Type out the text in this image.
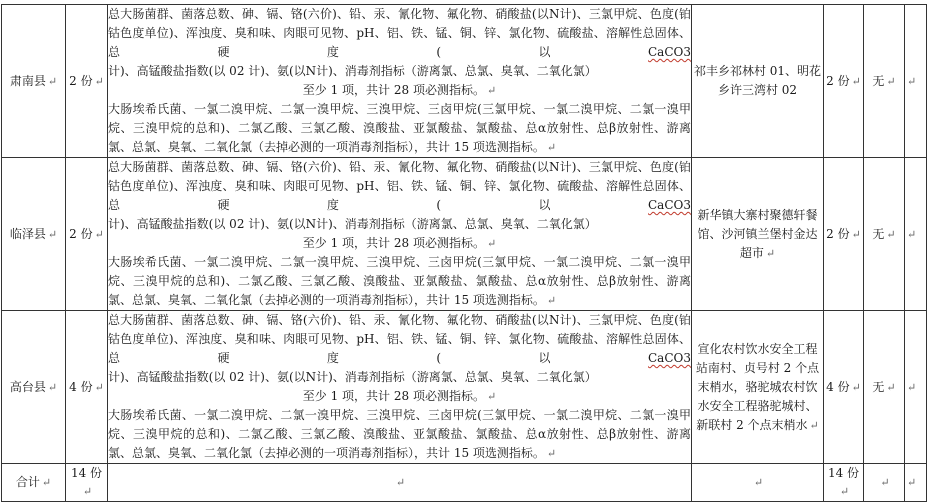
肃南县 ↵	2 份 ↵	总大肠菌群、菌落总数、砷、镉、铬(六价)、铅、汞、氰化物、氟化物、硝酸盐(以N计)、三氯甲烷、色度(铂钴色度单位)、浑浊度、臭和味、肉眼可见物、pH、铝、铁、锰、铜、锌、氯化物、硫酸盐、溶解性总固体、总硬度(以CaCO3计)、高锰酸盐指数(以 02 计)、氨(以N计)、消毒剂指标（游离氯、总氯、臭氧、二氧化氯）

至少 1 项，共计 28 项必测指标。 ↵

大肠埃希氏菌、一氯二溴甲烷、二氯一溴甲烷、三溴甲烷、三卤甲烷(三氯甲烷、一氯二溴甲烷、二氯一溴甲烷、三溴甲烷的总和)、二氯乙酸、三氯乙酸、溴酸盐、亚氯酸盐、氯酸盐、总α放射性、总β放射性、游离氯、总氯、臭氧、二氧化氯（去掉必测的一项消毒剂指标），共计 15 项选测指标。 ↵	祁丰乡祁林村 01、明花乡许三湾村 02	2 份 ↵	无 ↵	↵
临泽县 ↵	2 份 ↵	总大肠菌群、菌落总数、砷、镉、铬(六价)、铅、汞、氰化物、氟化物、硝酸盐(以N计)、三氯甲烷、色度(铂钴色度单位)、浑浊度、臭和味、肉眼可见物、pH、铝、铁、锰、铜、锌、氯化物、硫酸盐、溶解性总固体、总硬度(以CaCO3计)、高锰酸盐指数(以 02 计)、氨(以N计)、消毒剂指标（游离氯、总氯、臭氧、二氧化氯）

至少 1 项，共计 28 项必测指标。 ↵

大肠埃希氏菌、一氯二溴甲烷、二氯一溴甲烷、三溴甲烷、三卤甲烷(三氯甲烷、一氯二溴甲烷、二氯一溴甲烷、三溴甲烷的总和)、二氯乙酸、三氯乙酸、溴酸盐、亚氯酸盐、氯酸盐、总α放射性、总β放射性、游离氯、总氯、臭氧、二氧化氯（去掉必测的一项消毒剂指标），共计 15 项选测指标。 ↵	新华镇大寨村聚德轩餐馆、沙河镇兰堡村金达超市 ↵	2 份 ↵	无 ↵	↵
高台县 ↵	4 份 ↵	总大肠菌群、菌落总数、砷、镉、铬(六价)、铅、汞、氰化物、氟化物、硝酸盐(以N计)、三氯甲烷、色度(铂钴色度单位)、浑浊度、臭和味、肉眼可见物、pH、铝、铁、锰、铜、锌、氯化物、硫酸盐、溶解性总固体、总硬度(以CaCO3计)、高锰酸盐指数(以 02 计)、氨(以N计)、消毒剂指标（游离氯、总氯、臭氧、二氧化氯）

至少 1 项，共计 28 项必测指标。 ↵

大肠埃希氏菌、一氯二溴甲烷、二氯一溴甲烷、三溴甲烷、三卤甲烷(三氯甲烷、一氯二溴甲烷、二氯一溴甲烷、三溴甲烷的总和)、二氯乙酸、三氯乙酸、溴酸盐、亚氯酸盐、氯酸盐、总α放射性、总β放射性、游离氯、总氯、臭氧、二氧化氯（去掉必测的一项消毒剂指标），共计 15 项选测指标。 ↵	宣化农村饮水安全工程站南村、贞号村 2 个点末梢水，骆驼城农村饮水安全工程骆驼城村、新联村 2 个点末梢水 ↵	4 份 ↵	无 ↵	↵
合计 ↵	14 份↵	↵	↵	14 份↵	↵	↵
